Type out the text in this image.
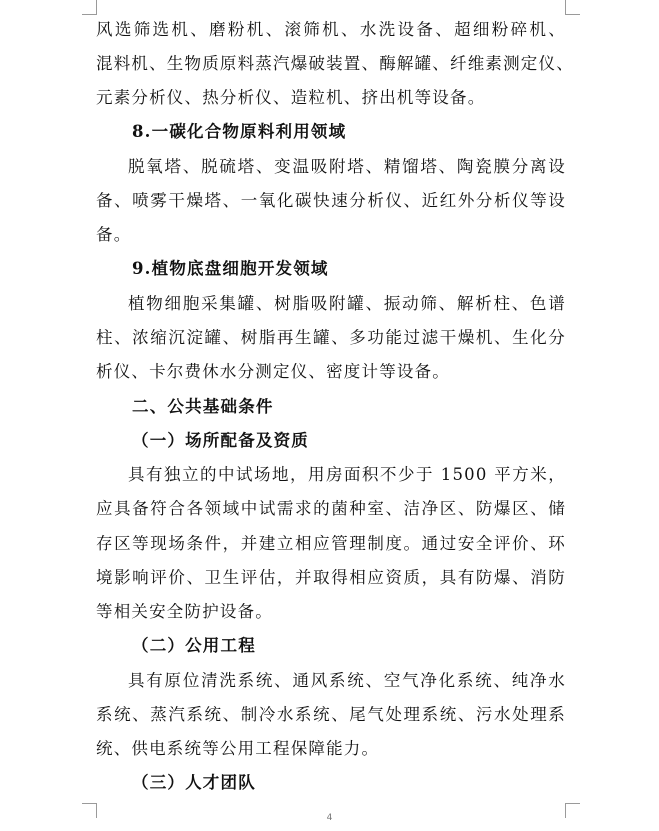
风选筛选机、磨粉机、滚筛机、水洗设备、超细粉碎机、
混料机、生物质原料蒸汽爆破装置、酶解罐、纤维素测定仪、
元素分析仪、热分析仪、造粒机、挤出机等设备。
8.一碳化合物原料利用领域
脱氧塔、脱硫塔、变温吸附塔、精馏塔、陶瓷膜分离设
备、喷雾干燥塔、一氧化碳快速分析仪、近红外分析仪等设
备。
9.植物底盘细胞开发领域
植物细胞采集罐、树脂吸附罐、振动筛、解析柱、色谱
柱、浓缩沉淀罐、树脂再生罐、多功能过滤干燥机、生化分
析仪、卡尔费休水分测定仪、密度计等设备。
二、公共基础条件
（一）场所配备及资质
具有独立的中试场地，用房面积不少于 1500 平方米，
应具备符合各领域中试需求的菌种室、洁净区、防爆区、储
存区等现场条件，并建立相应管理制度。通过安全评价、环
境影响评价、卫生评估，并取得相应资质，具有防爆、消防
等相关安全防护设备。
（二）公用工程
具有原位清洗系统、通风系统、空气净化系统、纯净水
系统、蒸汽系统、制冷水系统、尾气处理系统、污水处理系
统、供电系统等公用工程保障能力。
（三）人才团队
4
